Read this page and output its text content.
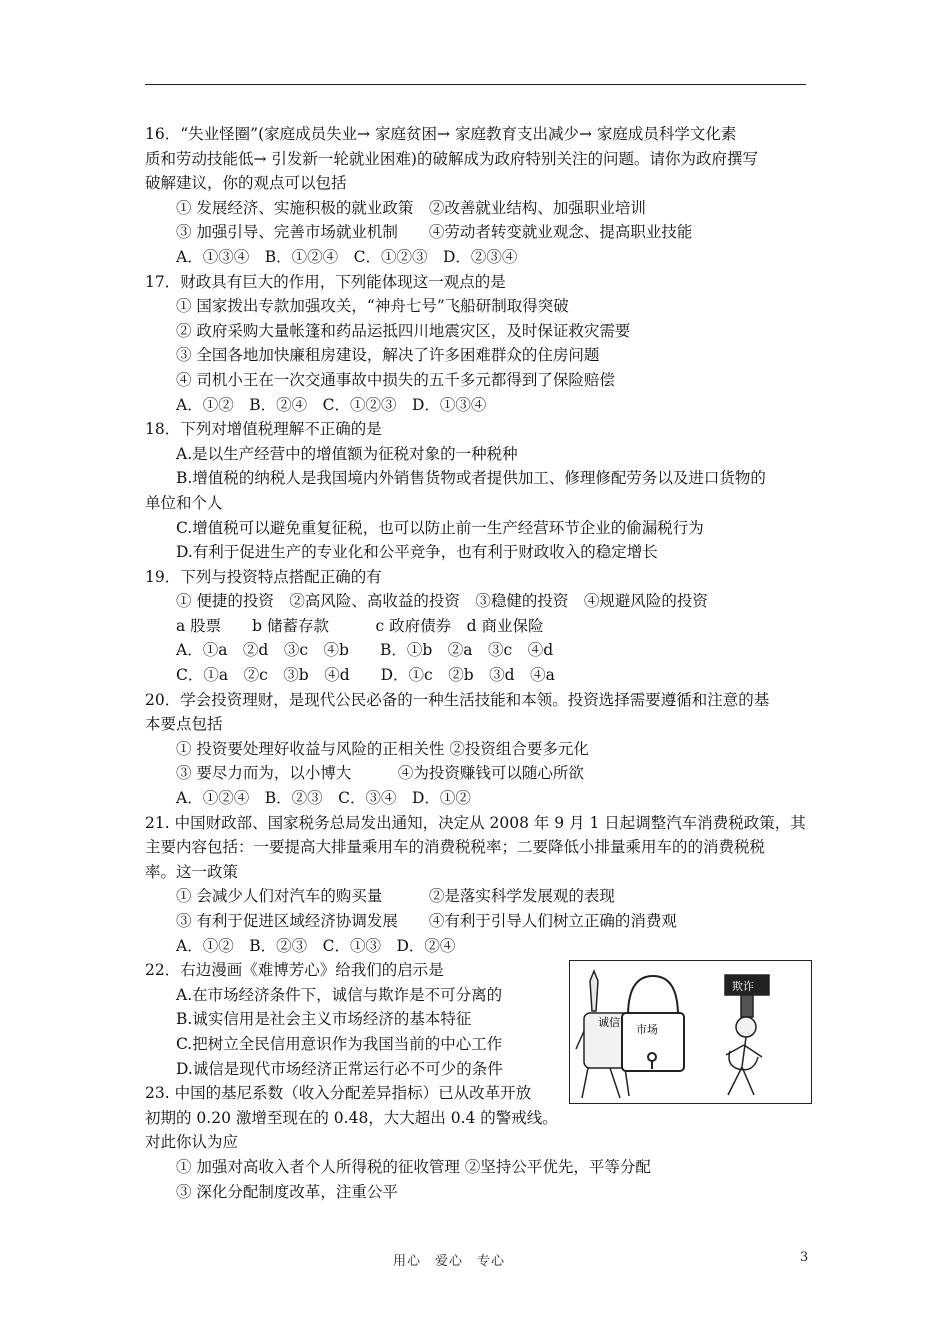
16．“失业怪圈”(家庭成员失业→ 家庭贫困→ 家庭教育支出减少→ 家庭成员科学文化素
质和劳动技能低→ 引发新一轮就业困难)的破解成为政府特别关注的问题。请你为政府撰写
破解建议，你的观点可以包括
① 发展经济、实施积极的就业政策　②改善就业结构、加强职业培训
③ 加强引导、完善市场就业机制　　④劳动者转变就业观念、提高职业技能
A．①③④　B．①②④　C．①②③　D．②③④
17．财政具有巨大的作用，下列能体现这一观点的是
① 国家拨出专款加强攻关，“神舟七号”飞船研制取得突破
② 政府采购大量帐篷和药品运抵四川地震灾区，及时保证救灾需要
③ 全国各地加快廉租房建设，解决了许多困难群众的住房问题
④ 司机小王在一次交通事故中损失的五千多元都得到了保险赔偿
A．①②　B．②④　C．①②③　D．①③④
18．下列对增值税理解不正确的是
A.是以生产经营中的增值额为征税对象的一种税种
B.增值税的纳税人是我国境内外销售货物或者提供加工、修理修配劳务以及进口货物的
单位和个人
C.增值税可以避免重复征税，也可以防止前一生产经营环节企业的偷漏税行为
D.有利于促进生产的专业化和公平竞争，也有利于财政收入的稳定增长
19．下列与投资特点搭配正确的有
① 便捷的投资　②高风险、高收益的投资　③稳健的投资　④规避风险的投资
a 股票　　b 储蓄存款　　　c 政府债券　d 商业保险
A．①a　②d　③c　④b　　B．①b　②a　③c　④d
C．①a　②c　③b　④d　　D．①c　②b　③d　④a
20．学会投资理财，是现代公民必备的一种生活技能和本领。投资选择需要遵循和注意的基
本要点包括
① 投资要处理好收益与风险的正相关性 ②投资组合要多元化
③ 要尽力而为，以小博大　　　④为投资赚钱可以随心所欲
A．①②④　B．②③　C．③④　D．①②
21. 中国财政部、国家税务总局发出通知，决定从 2008 年 9 月 1 日起调整汽车消费税政策，其
主要内容包括：一要提高大排量乘用车的消费税税率；二要降低小排量乘用车的的消费税税
率。这一政策
① 会减少人们对汽车的购买量　　　②是落实科学发展观的表现
③ 有利于促进区域经济协调发展　　④有利于引导人们树立正确的消费观
A．①②　B．②③　C．①③　D．②④
诚信
市场
欺诈
22．右边漫画《难博芳心》给我们的启示是
A.在市场经济条件下，诚信与欺诈是不可分离的
B.诚实信用是社会主义市场经济的基本特征
C.把树立全民信用意识作为我国当前的中心工作
D.诚信是现代市场经济正常运行必不可少的条件
23. 中国的基尼系数（收入分配差异指标）已从改革开放
初期的 0.20 激增至现在的 0.48，大大超出 0.4 的警戒线。
对此你认为应
① 加强对高收入者个人所得税的征收管理 ②坚持公平优先，平等分配
③ 深化分配制度改革，注重公平
用心　爱心　专心	3
